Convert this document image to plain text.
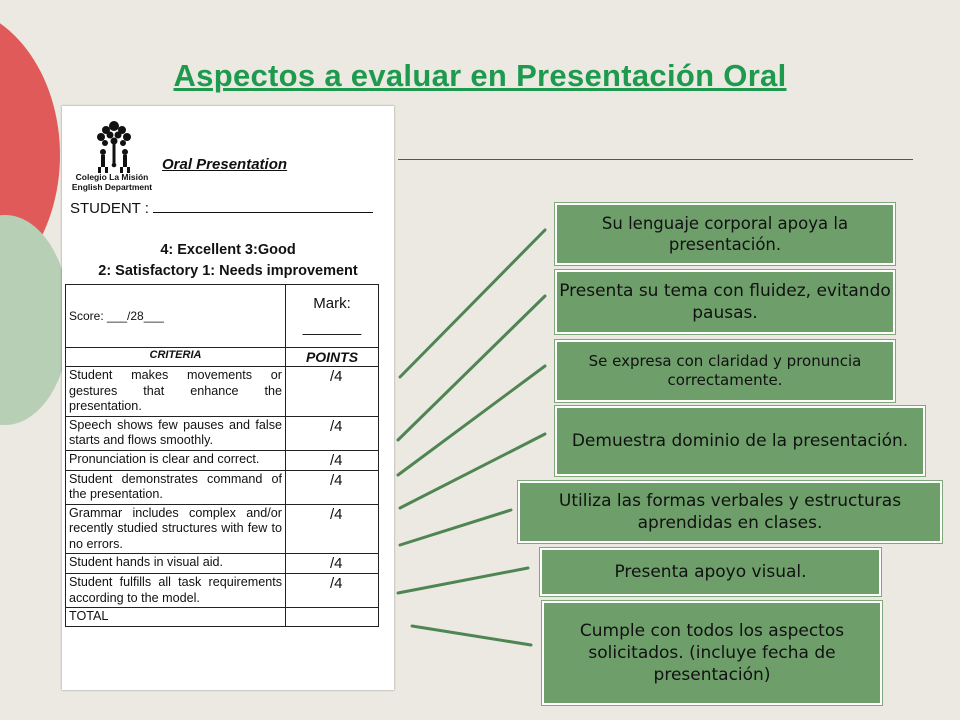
Aspectos a evaluar en Presentación Oral
Colegio La Misión
English Department
Oral Presentation
STUDENT :
4: Excellent 3:Good
2: Satisfactory 1: Needs improvement
Score: ___/28___	Mark:
_______

CRITERIA	POINTS
Student makes movements or gestures that enhance the presentation.	/4
Speech shows few pauses and false starts and flows smoothly.	/4
Pronunciation is clear and correct.	/4
Student demonstrates command of the presentation.	/4
Grammar includes complex and/or recently studied structures with few to no errors.	/4
Student hands in visual aid.	/4
Student fulfills all task requirements according to the model.	/4
TOTAL	
Su lenguaje corporal apoya la presentación.
Presenta su tema con fluidez, evitando pausas.
Se expresa con claridad y pronuncia correctamente.
Demuestra dominio de la presentación.
Utiliza las formas verbales y estructuras aprendidas en clases.
Presenta apoyo visual.
Cumple con todos los aspectos solicitados. (incluye fecha de presentación)
